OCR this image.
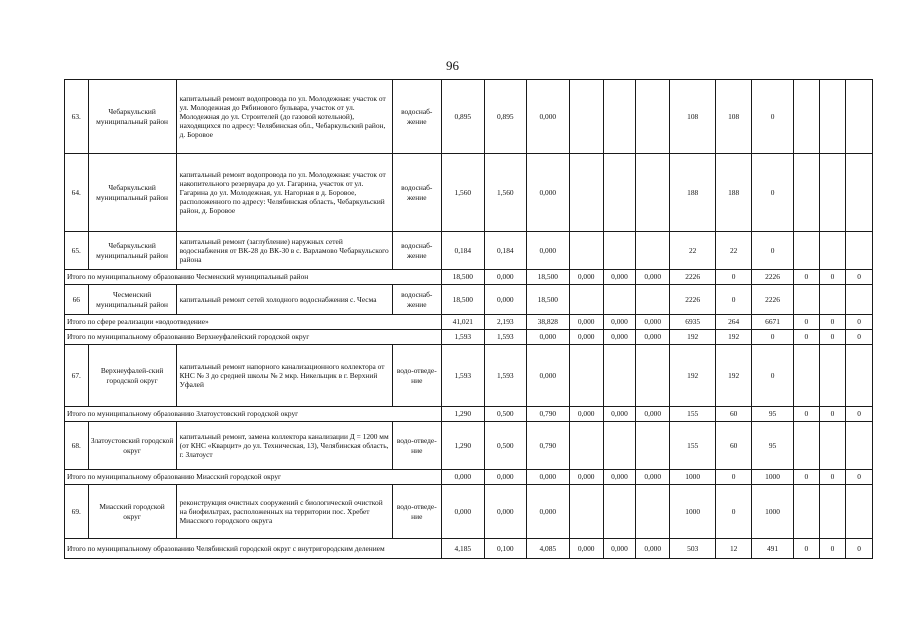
96
63.	Чебаркульский муниципальный район	капитальный ремонт водопровода по ул. Молодежная: участок от ул. Молодежная до Рябинового бульвара, участок от ул. Молодежная до ул. Строителей (до газовой котельной), находящихся по адресу: Челябинская обл., Чебаркульский район, д. Боровое	водоснаб-жение	0,895	0,895	0,000				108	108	0			
64.	Чебаркульский муниципальный район	капитальный ремонт водопровода по ул. Молодежная: участок от накопительного резервуара до ул. Гагарина, участок от ул. Гагарина до ул. Молодежная, ул. Нагорная в д. Боровое, расположенного по адресу: Челябинская область, Чебаркульский район, д. Боровое	водоснаб-жение	1,560	1,560	0,000				188	188	0			
65.	Чебаркульский муниципальный район	капитальный ремонт (заглубление) наружных сетей водоснабжения от ВК-28 до ВК-30 в с. Варламово Чебаркульского района	водоснаб-жение	0,184	0,184	0,000				22	22	0			
Итого по муниципальному образованию Чесменский муниципальный район				18,500	0,000	18,500	0,000	0,000	0,000	2226	0	2226	0	0	0
66	Чесменский муниципальный район	капитальный ремонт сетей холодного водоснабжения с. Чесма	водоснаб-жение	18,500	0,000	18,500				2226	0	2226			
Итого по сфере реализации «водоотведение»				41,021	2,193	38,828	0,000	0,000	0,000	6935	264	6671	0	0	0
Итого по муниципальному образованию Верхнеуфалейский городской округ				1,593	1,593	0,000	0,000	0,000	0,000	192	192	0	0	0	0
67.	Верхнеуфалей-ский городской округ	капитальный ремонт напорного канализационного коллектора от КНС № 3 до средней школы № 2 мкр. Никельщик в г. Верхний Уфалей	водо-отведе-ние	1,593	1,593	0,000				192	192	0			
Итого по муниципальному образованию Златоустовский городской округ				1,290	0,500	0,790	0,000	0,000	0,000	155	60	95	0	0	0
68.	Златоустовский городской округ	капитальный ремонт, замена коллектора канализации Д = 1200 мм (от КНС «Кварцит» до ул. Техническая, 13), Челябинская область, г. Златоуст	водо-отведе-ние	1,290	0,500	0,790				155	60	95			
Итого по муниципальному образованию Миасский городской округ				0,000	0,000	0,000	0,000	0,000	0,000	1000	0	1000	0	0	0
69.	Миасский городской округ	реконструкция очистных сооружений с биологической очисткой на биофильтрах, расположенных на территории пос. Хребет Миасского городского округа	водо-отведе-ние	0,000	0,000	0,000				1000	0	1000			
Итого по муниципальному образованию Челябинский городской округ с внутригородским делением				4,185	0,100	4,085	0,000	0,000	0,000	503	12	491	0	0	0
